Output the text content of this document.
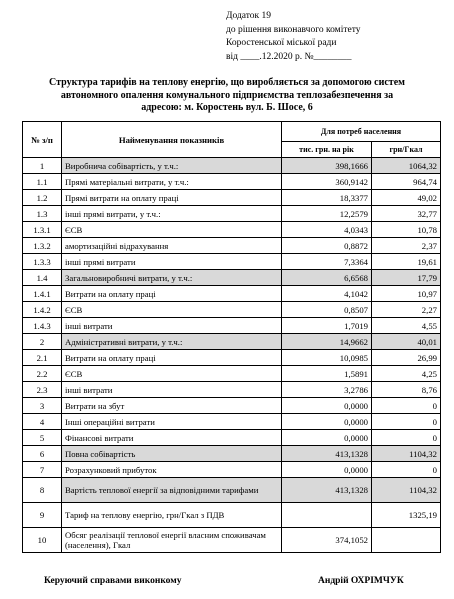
Додаток 19
до рішення виконавчого комітету
Коростенської міської ради
від ____.12.2020 р. №________
Структура тарифів на теплову енергію, що виробляється за допомогою систем
автономного опалення комунального підприємства теплозабезпечення за
адресою: м. Коростень вул. Б. Шосе, 6
№ з/п	Найменування показників	Для потреб населення	
		тис. грн. на рік	грн/Гкал
1	Виробнича собівартість, у т.ч.:	398,1666	1064,32
1.1	Прямі матеріальні витрати, у т.ч.:	360,9142	964,74
1.2	Прямі витрати на оплату праці	18,3377	49,02
1.3	інші прямі витрати, у т.ч.:	12,2579	32,77
1.3.1	ЄСВ	4,0343	10,78
1.3.2	амортизаційні відрахування	0,8872	2,37
1.3.3	інші прямі витрати	7,3364	19,61
1.4	Загальновиробничі витрати, у т.ч.:	6,6568	17,79
1.4.1	Витрати на оплату праці	4,1042	10,97
1.4.2	ЄСВ	0,8507	2,27
1.4.3	інші витрати	1,7019	4,55
2	Адміністративні витрати, у т.ч.:	14,9662	40,01
2.1	Витрати на оплату праці	10,0985	26,99
2.2	ЄСВ	1,5891	4,25
2.3	інші витрати	3,2786	8,76
3	Витрати на збут	0,0000	0
4	Інші операційні витрати	0,0000	0
5	Фінансові витрати	0,0000	0
6	Повна собівартість	413,1328	1104,32
7	Розрахунковий прибуток	0,0000	0
8	Вартість теплової енергії за відповідними тарифами	413,1328	1104,32
9	Тариф на теплову енергію, грн/Гкал з ПДВ		1325,19
10	Обсяг реалізації теплової енергії власним споживачам (населення), Гкал	374,1052	
Керуючий справами виконкому	Андрій ОХРІМЧУК
